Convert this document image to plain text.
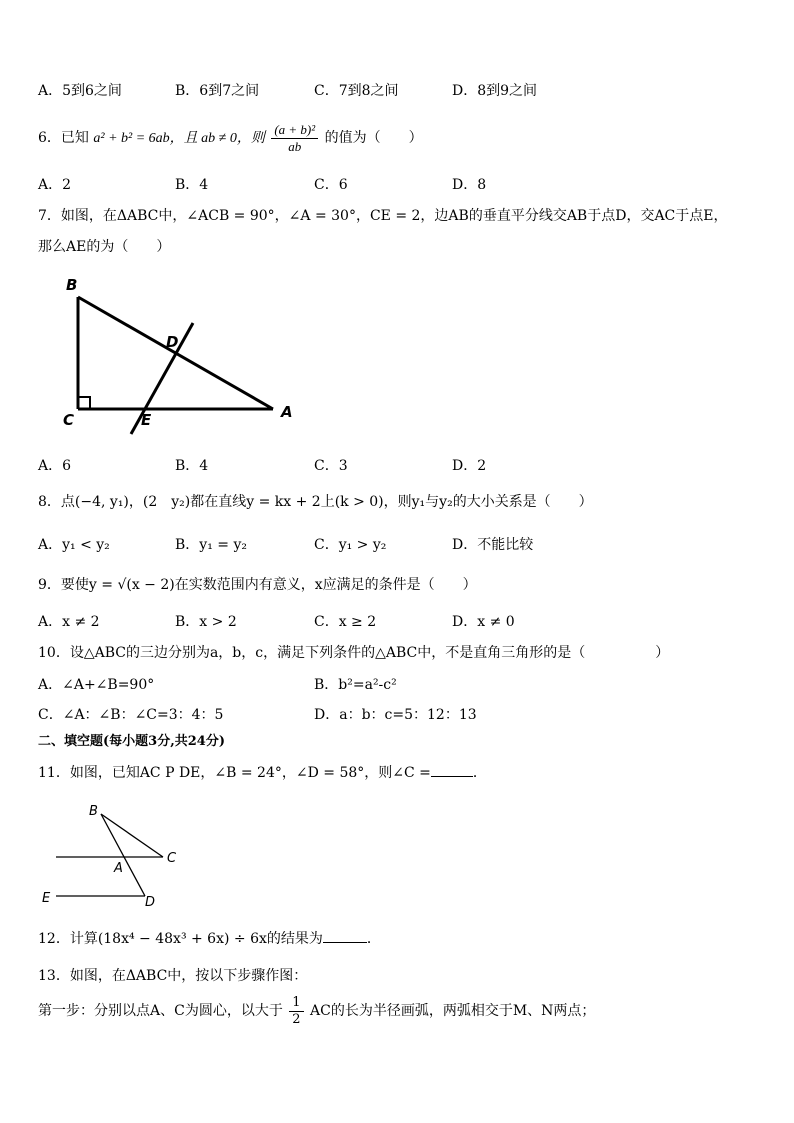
A．5到6之间	B．6到7之间	C．7到8之间	D．8到9之间
6．已知 a² + b² = 6ab，且 ab ≠ 0，则 $\frac{\text{(a + b)²}}{ab}$ 的值为（　　）
A．2	B．4	C．6	D．8
7．如图，在ΔABC中，∠ACB = 90°，∠A = 30°，CE = 2，边AB的垂直平分线交AB于点D，交AC于点E，
那么AE的为（　　）
B
D
C	E	A
A．6	B．4	C．3	D．2
8．点(−4, y₁)，(2　y₂)都在直线y = kx + 2上(k > 0)，则y₁与y₂的大小关系是（　　）
A．y₁ < y₂	B．y₁ = y₂	C．y₁ > y₂	D．不能比较
9．要使y = √(x − 2)在实数范围内有意义，x应满足的条件是（　　）
A．x ≠ 2	B．x > 2	C．x ≥ 2	D．x ≠ 0
10．设△ABC的三边分别为a，b，c，满足下列条件的△ABC中，不是直角三角形的是（　　　　　）
A．∠A+∠B=90°	B．b²=a²-c²
C．∠A：∠B：∠C=3：4：5	D．a：b：c=5：12：13
二、填空题(每小题3分,共24分)
11．如图，已知AC P DE，∠B = 24°，∠D = 58°，则∠C =	．
B
A
C
E	D
12．计算(18x⁴ − 48x³ + 6x) ÷ 6x的结果为	．
13．如图，在ΔABC中，按以下步骤作图：
第一步：分别以点A、C为圆心，以大于 $\frac{1}{2}$ AC的长为半径画弧，两弧相交于M、N两点；
